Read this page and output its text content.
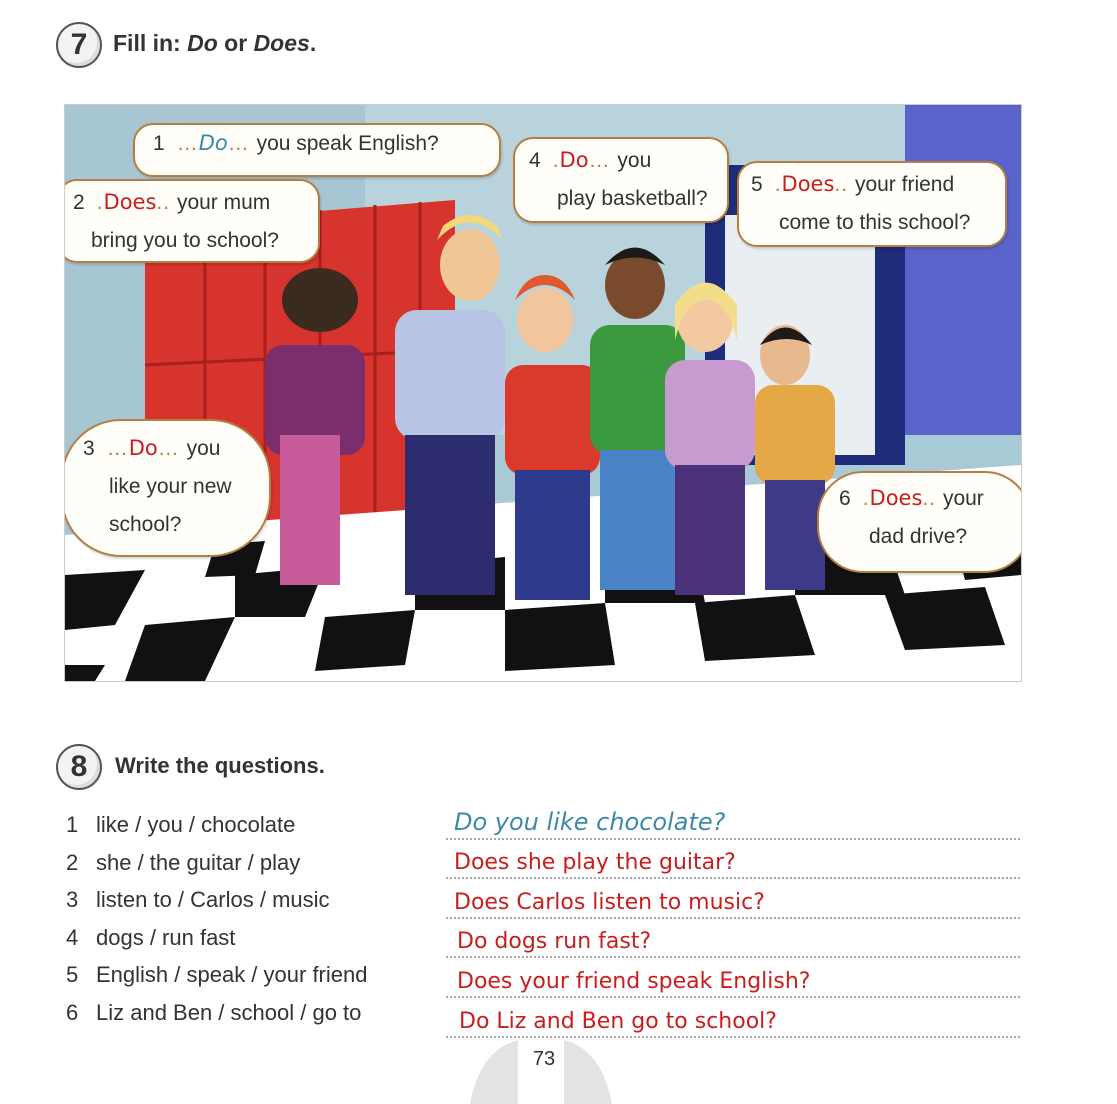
7	Fill in: Do or Does.
1 …Do… you speak English?
2 .Does.. your mum
bring you to school?
3 …Do… you
like your new
school?
4 .Do… you
play basketball?
5 .Does.. your friend
come to this school?
6 .Does.. your
dad drive?
8	Write the questions.
1 like / you / chocolate
2 she / the guitar / play
3 listen to / Carlos / music
4 dogs / run fast
5 English / speak / your friend
6 Liz and Ben / school / go to
Do you like chocolate?
Does she play the guitar?
Does Carlos listen to music?
Do dogs run fast?
Does your friend speak English?
Do Liz and Ben go to school?
73
